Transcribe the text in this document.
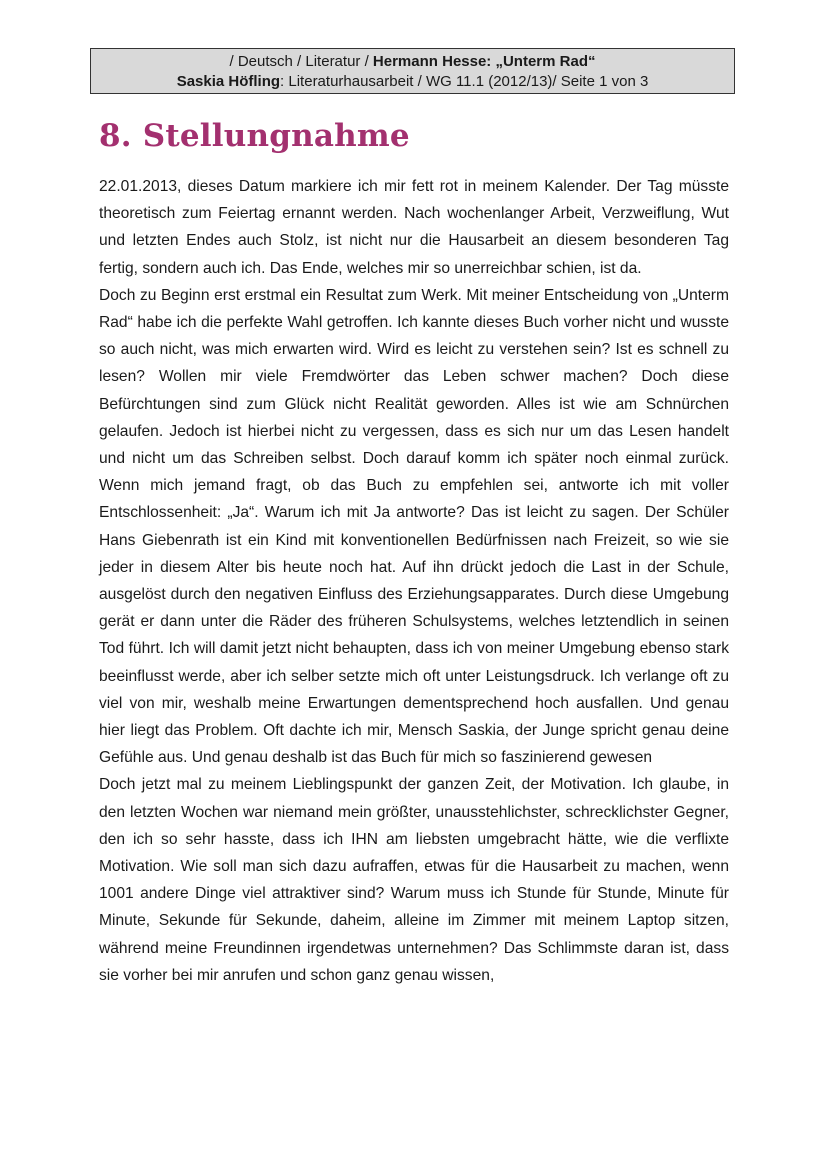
/ Deutsch / Literatur / Hermann Hesse: „Unterm Rad“
Saskia Höfling: Literaturhausarbeit / WG 11.1 (2012/13)/ Seite 1 von 3
8. Stellungnahme

22.01.2013, dieses Datum markiere ich mir fett rot in meinem Kalender. Der Tag müsste theoretisch zum Feiertag ernannt werden. Nach wochenlanger Arbeit, Verzweiflung, Wut und letzten Endes auch Stolz, ist nicht nur die Hausarbeit an diesem besonderen Tag fertig, sondern auch ich. Das Ende, welches mir so unerreichbar schien, ist da.

Doch zu Beginn erst erstmal ein Resultat zum Werk. Mit meiner Entscheidung von „Unterm Rad“ habe ich die perfekte Wahl getroffen. Ich kannte dieses Buch vorher nicht und wusste so auch nicht, was mich erwarten wird. Wird es leicht zu verstehen sein? Ist es schnell zu lesen? Wollen mir viele Fremdwörter das Leben schwer machen? Doch diese Befürchtungen sind zum Glück nicht Realität geworden. Alles ist wie am Schnürchen gelaufen. Jedoch ist hierbei nicht zu vergessen, dass es sich nur um das Lesen handelt und nicht um das Schreiben selbst. Doch darauf komm ich später noch einmal zurück. Wenn mich jemand fragt, ob das Buch zu empfehlen sei, antworte ich mit voller Entschlossenheit: „Ja“. Warum ich mit Ja antworte? Das ist leicht zu sagen. Der Schüler Hans Giebenrath ist ein Kind mit konventionellen Bedürfnissen nach Freizeit, so wie sie jeder in diesem Alter bis heute noch hat. Auf ihn drückt jedoch die Last in der Schule, ausgelöst durch den negativen Einfluss des Erziehungsapparates. Durch diese Umgebung gerät er dann unter die Räder des früheren Schulsystems, welches letztendlich in seinen Tod führt. Ich will damit jetzt nicht behaupten, dass ich von meiner Umgebung ebenso stark beeinflusst werde, aber ich selber setzte mich oft unter Leistungsdruck. Ich verlange oft zu viel von mir, weshalb meine Erwartungen dementsprechend hoch ausfallen. Und genau hier liegt das Problem. Oft dachte ich mir, Mensch Saskia, der Junge spricht genau deine Gefühle aus. Und genau deshalb ist das Buch für mich so faszinierend gewesen

Doch jetzt mal zu meinem Lieblingspunkt der ganzen Zeit, der Motivation. Ich glaube, in den letzten Wochen war niemand mein größter, unausstehlichster, schrecklichster Gegner, den ich so sehr hasste, dass ich IHN am liebsten umgebracht hätte, wie die verflixte Motivation. Wie soll man sich dazu aufraffen, etwas für die Hausarbeit zu machen, wenn 1001 andere Dinge viel attraktiver sind? Warum muss ich Stunde für Stunde, Minute für Minute, Sekunde für Sekunde, daheim, alleine im Zimmer mit meinem Laptop sitzen, während meine Freundinnen irgendetwas unternehmen? Das Schlimmste daran ist, dass sie vorher bei mir anrufen und schon ganz genau wissen,
